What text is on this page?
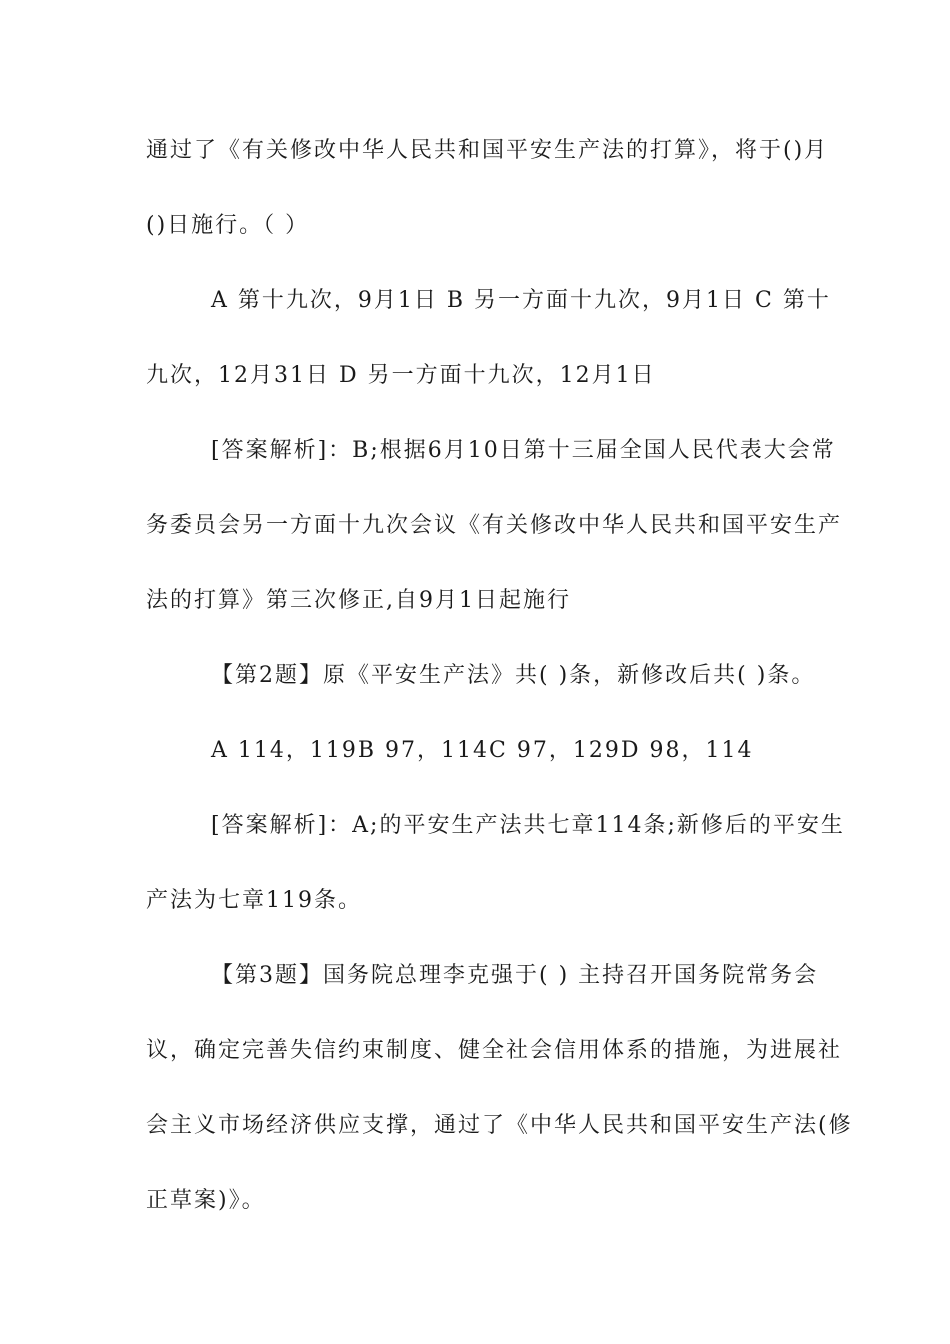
通过了《有关修改中华人民共和国平安生产法的打算》，将于()月
()日施行。（ ）
A 第十九次，9月1日 B 另一方面十九次，9月1日 C 第十
九次，12月31日 D 另一方面十九次，12月1日
[答案解析]：B;根据6月10日第十三届全国人民代表大会常
务委员会另一方面十九次会议《有关修改中华人民共和国平安生产
法的打算》第三次修正,自9月1日起施行
【第2题】原《平安生产法》共( )条，新修改后共( )条。
A 114，119B 97，114C 97，129D 98，114
[答案解析]：A;的平安生产法共七章114条;新修后的平安生
产法为七章119条。
【第3题】国务院总理李克强于( ) 主持召开国务院常务会
议，确定完善失信约束制度、健全社会信用体系的措施，为进展社
会主义市场经济供应支撑，通过了《中华人民共和国平安生产法(修
正草案)》。
